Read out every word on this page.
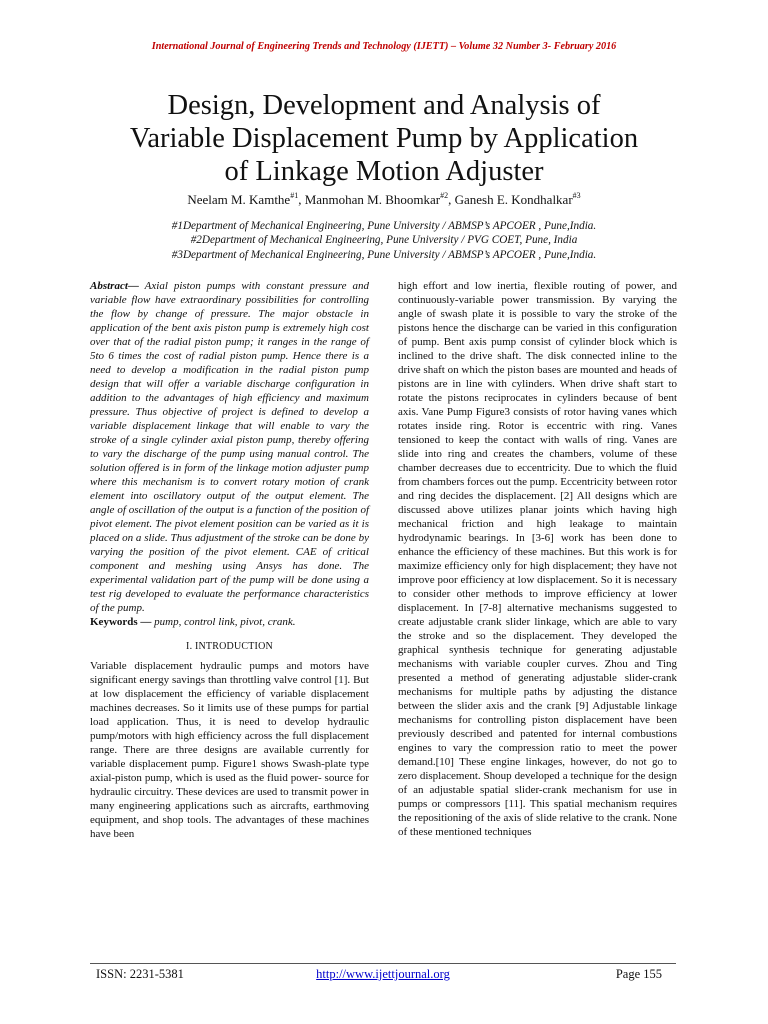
International Journal of Engineering Trends and Technology (IJETT) – Volume 32 Number 3- February 2016
Design, Development and Analysis of
Variable Displacement Pump by Application
of Linkage Motion Adjuster
Neelam M. Kamthe$^{\#1}$, Manmohan M. Bhoomkar$^{\#2}$, Ganesh E. Kondhalkar$^{\#3}$
#1Department of Mechanical Engineering, Pune University / ABMSP’s APCOER , Pune,India.
#2Department of Mechanical Engineering, Pune University / PVG COET, Pune, India
#3Department of Mechanical Engineering, Pune University / ABMSP’s APCOER , Pune,India.

Abstract— Axial piston pumps with constant pressure and variable flow have extraordinary possibilities for controlling the flow by change of pressure. The major obstacle in application of the bent axis piston pump is extremely high cost over that of the radial piston pump; it ranges in the range of 5to 6 times the cost of radial piston pump. Hence there is a need to develop a modification in the radial piston pump design that will offer a variable discharge configuration in addition to the advantages of high efficiency and maximum pressure. Thus objective of project is defined to develop a variable displacement linkage that will enable to vary the stroke of a single cylinder axial piston pump, thereby offering to vary the discharge of the pump using manual control. The solution offered is in form of the linkage motion adjuster pump where this mechanism is to convert rotary motion of crank element into oscillatory output of the output element. The angle of oscillation of the output is a function of the position of pivot element. The pivot element position can be varied as it is placed on a slide. Thus adjustment of the stroke can be done by varying the position of the pivot element. CAE of critical component and meshing using Ansys has done. The experimental validation part of the pump will be done using a test rig developed to evaluate the performance characteristics of the pump.

Keywords — pump, control link, pivot, crank.

I. INTRODUCTION

Variable displacement hydraulic pumps and motors have significant energy savings than throttling valve control [1]. But at low displacement the efficiency of variable displacement machines decreases. So it limits use of these pumps for partial load application. Thus, it is need to develop hydraulic pump/motors with high efficiency across the full displacement range. There are three designs are available currently for variable displacement pump. Figure1 shows Swash-plate type axial-piston pump, which is used as the fluid power- source for hydraulic circuitry. These devices are used to transmit power in many engineering applications such as aircrafts, earthmoving equipment, and shop tools. The advantages of these machines have been

high effort and low inertia, flexible routing of power, and continuously-variable power transmission. By varying the angle of swash plate it is possible to vary the stroke of the pistons hence the discharge can be varied in this configuration of pump. Bent axis pump consist of cylinder block which is inclined to the drive shaft. The disk connected inline to the drive shaft on which the piston bases are mounted and heads of pistons are in line with cylinders. When drive shaft start to rotate the pistons reciprocates in cylinders because of bent axis. Vane Pump Figure3 consists of rotor having vanes which rotates inside ring. Rotor is eccentric with ring. Vanes tensioned to keep the contact with walls of ring. Vanes are slide into ring and creates the chambers, volume of these chamber decreases due to eccentricity. Due to which the fluid from chambers forces out the pump. Eccentricity between rotor and ring decides the displacement. [2] All designs which are discussed above utilizes planar joints which having high mechanical friction and high leakage to maintain hydrodynamic bearings. In [3-6] work has been done to enhance the efficiency of these machines. But this work is for maximize efficiency only for high displacement; they have not improve poor efficiency at low displacement. So it is necessary to consider other methods to improve efficiency at lower displacement. In [7-8] alternative mechanisms suggested to create adjustable crank slider linkage, which are able to vary the stroke and so the displacement. They developed the graphical synthesis technique for generating adjustable mechanisms with variable coupler curves. Zhou and Ting presented a method of generating adjustable slider-crank mechanisms for multiple paths by adjusting the distance between the slider axis and the crank [9] Adjustable linkage mechanisms for controlling piston displacement have been previously described and patented for internal combustions engines to vary the compression ratio to meet the power demand.[10] These engine linkages, however, do not go to zero displacement. Shoup developed a technique for the design of an adjustable spatial slider-crank mechanism for use in pumps or compressors [11]. This spatial mechanism requires the repositioning of the axis of slide relative to the crank. None of these mentioned techniques

ISSN: 2231-5381	http://www.ijettjournal.org	Page 155
